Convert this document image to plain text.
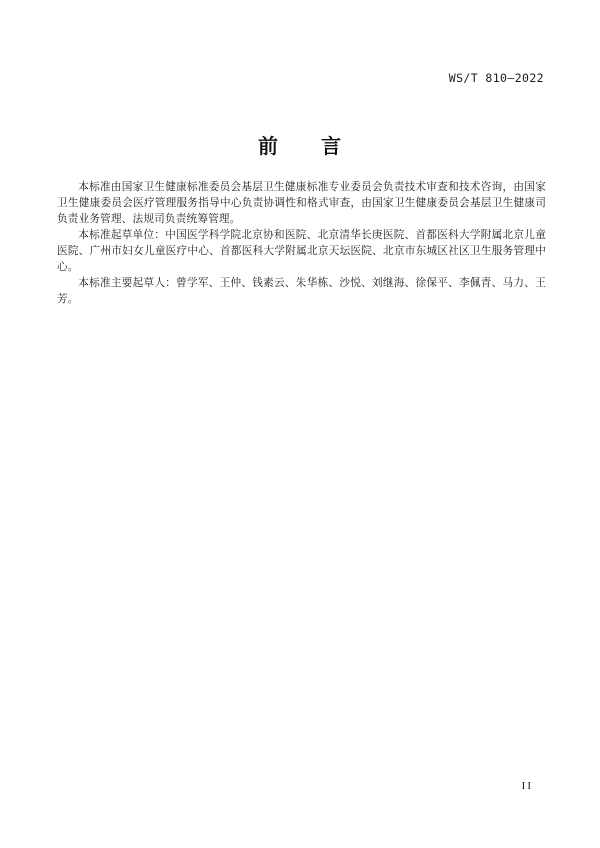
WS/T 810—2022
前　　言

本标准由国家卫生健康标准委员会基层卫生健康标准专业委员会负责技术审查和技术咨询，由国家卫生健康委员会医疗管理服务指导中心负责协调性和格式审查，由国家卫生健康委员会基层卫生健康司负责业务管理、法规司负责统筹管理。

本标准起草单位：中国医学科学院北京协和医院、北京清华长庚医院、首都医科大学附属北京儿童医院、广州市妇女儿童医疗中心、首都医科大学附属北京天坛医院、北京市东城区社区卫生服务管理中心。

本标准主要起草人：曾学军、王仲、钱素云、朱华栋、沙悦、刘继海、徐保平、李佩青、马力、王芳。

II
